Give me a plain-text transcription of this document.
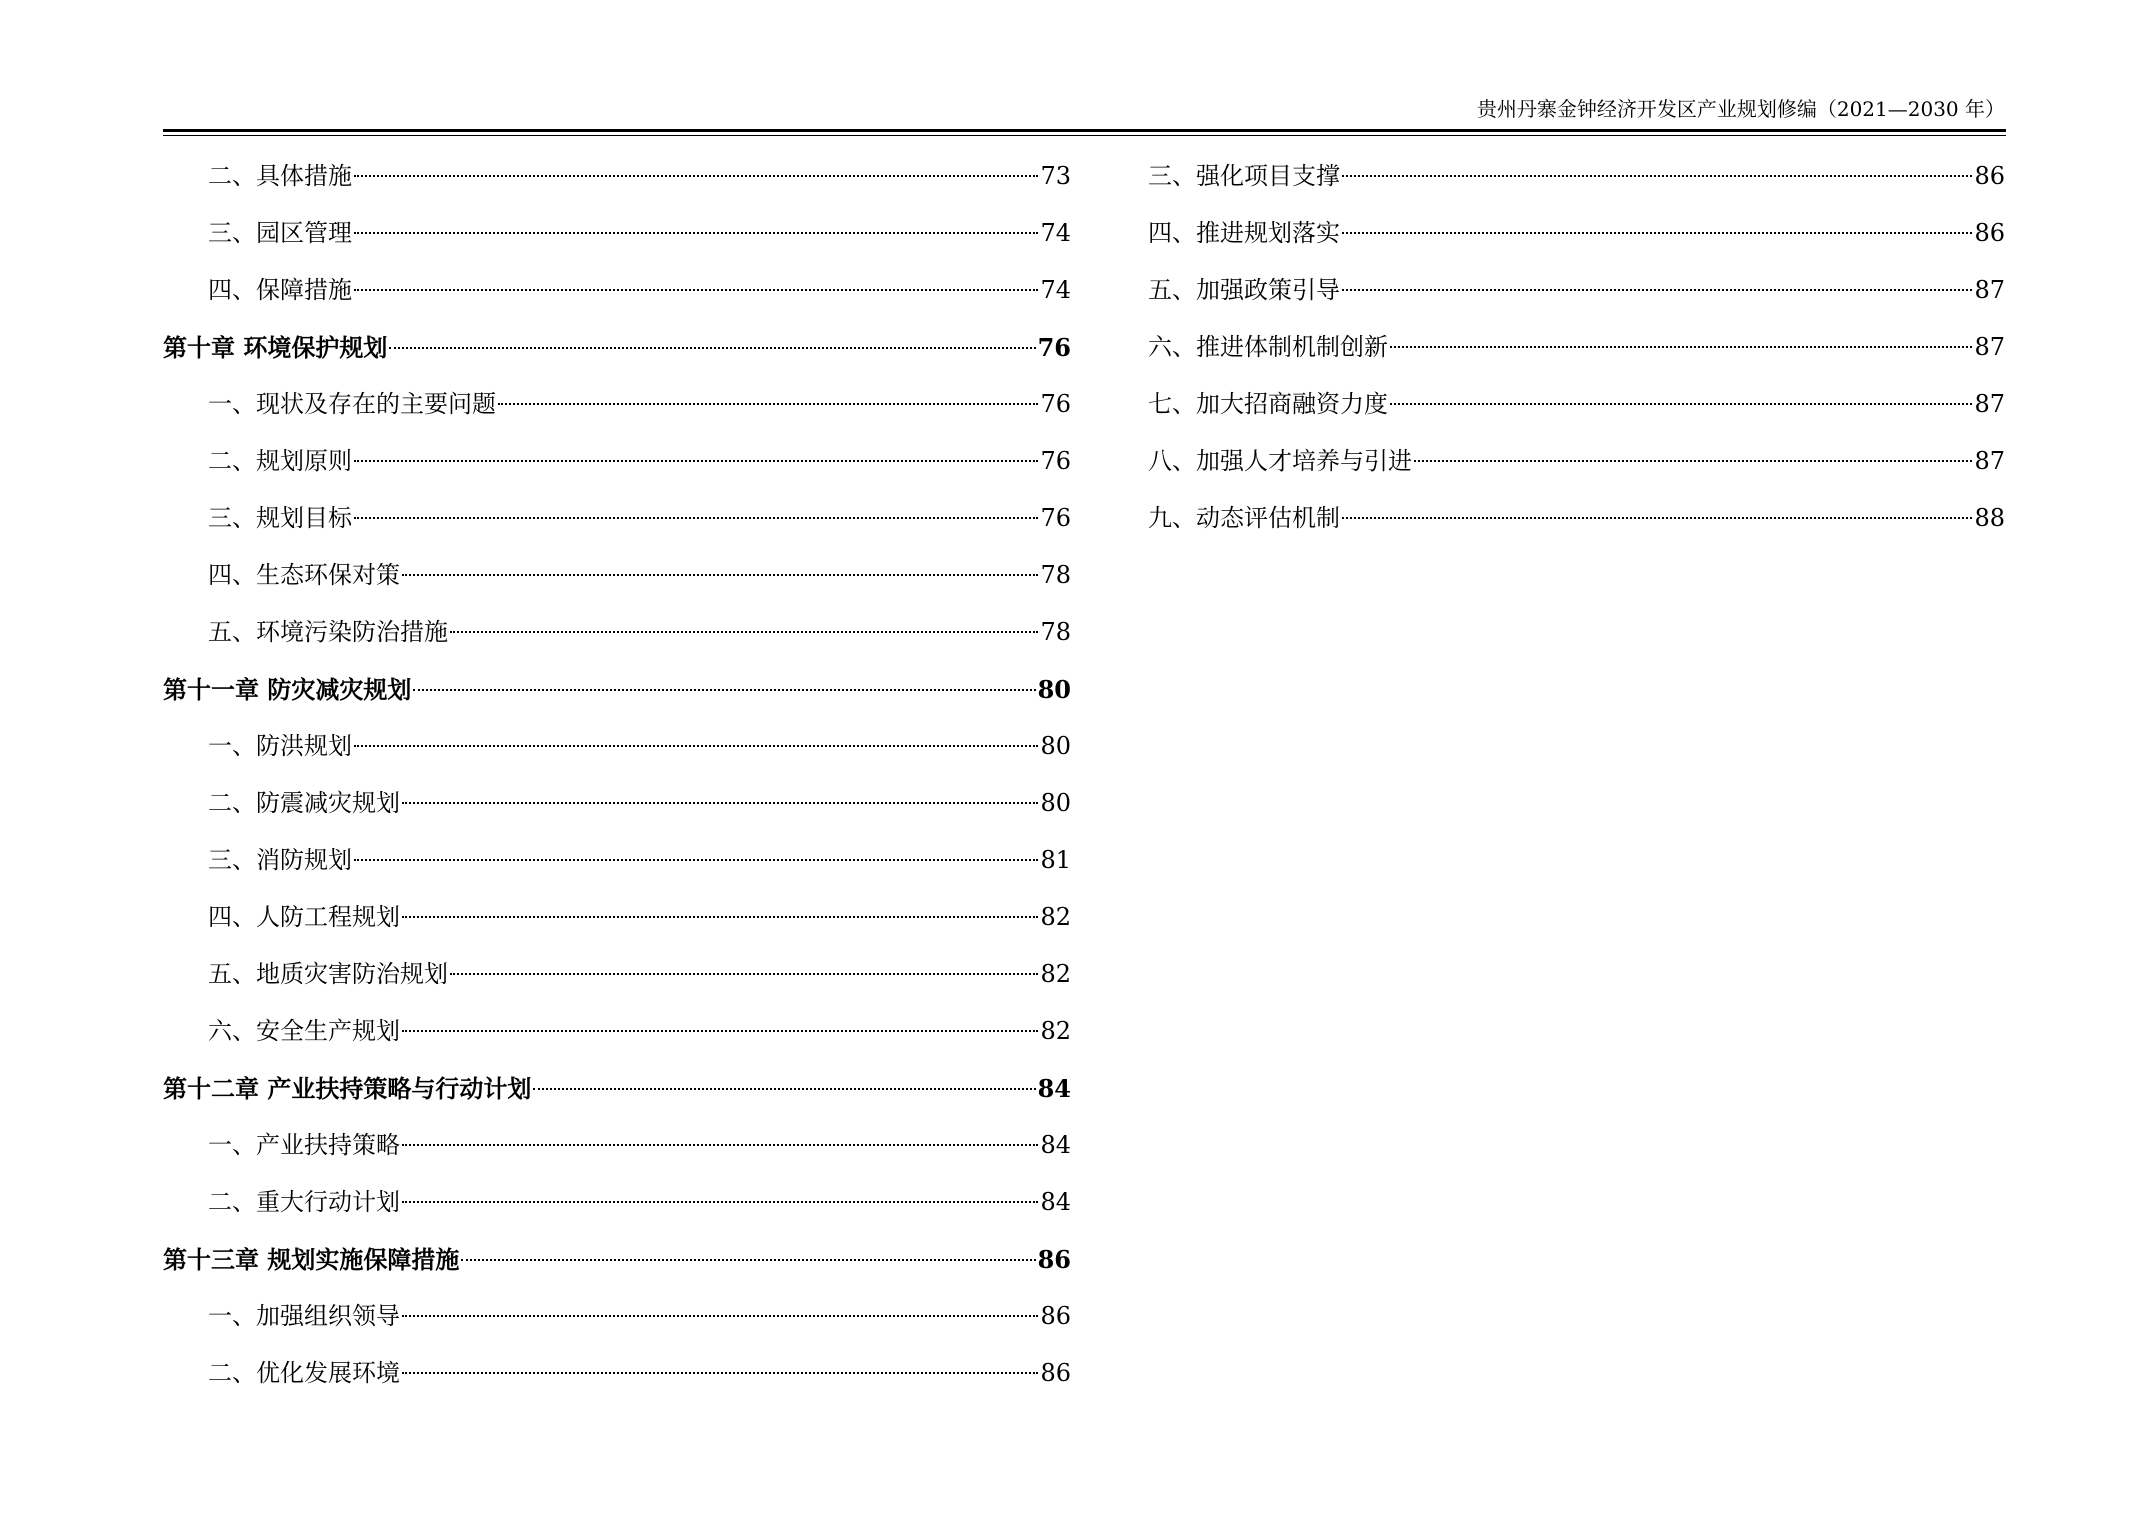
贵州丹寨金钟经济开发区产业规划修编（2021—2030 年）
二、具体措施	73
三、园区管理	74
四、保障措施	74
第十章 环境保护规划	76
一、现状及存在的主要问题	76
二、规划原则	76
三、规划目标	76
四、生态环保对策	78
五、环境污染防治措施	78
第十一章 防灾减灾规划	80
一、防洪规划	80
二、防震减灾规划	80
三、消防规划	81
四、人防工程规划	82
五、地质灾害防治规划	82
六、安全生产规划	82
第十二章 产业扶持策略与行动计划	84
一、产业扶持策略	84
二、重大行动计划	84
第十三章 规划实施保障措施	86
一、加强组织领导	86
二、优化发展环境	86
三、强化项目支撑	86
四、推进规划落实	86
五、加强政策引导	87
六、推进体制机制创新	87
七、加大招商融资力度	87
八、加强人才培养与引进	87
九、动态评估机制	88
